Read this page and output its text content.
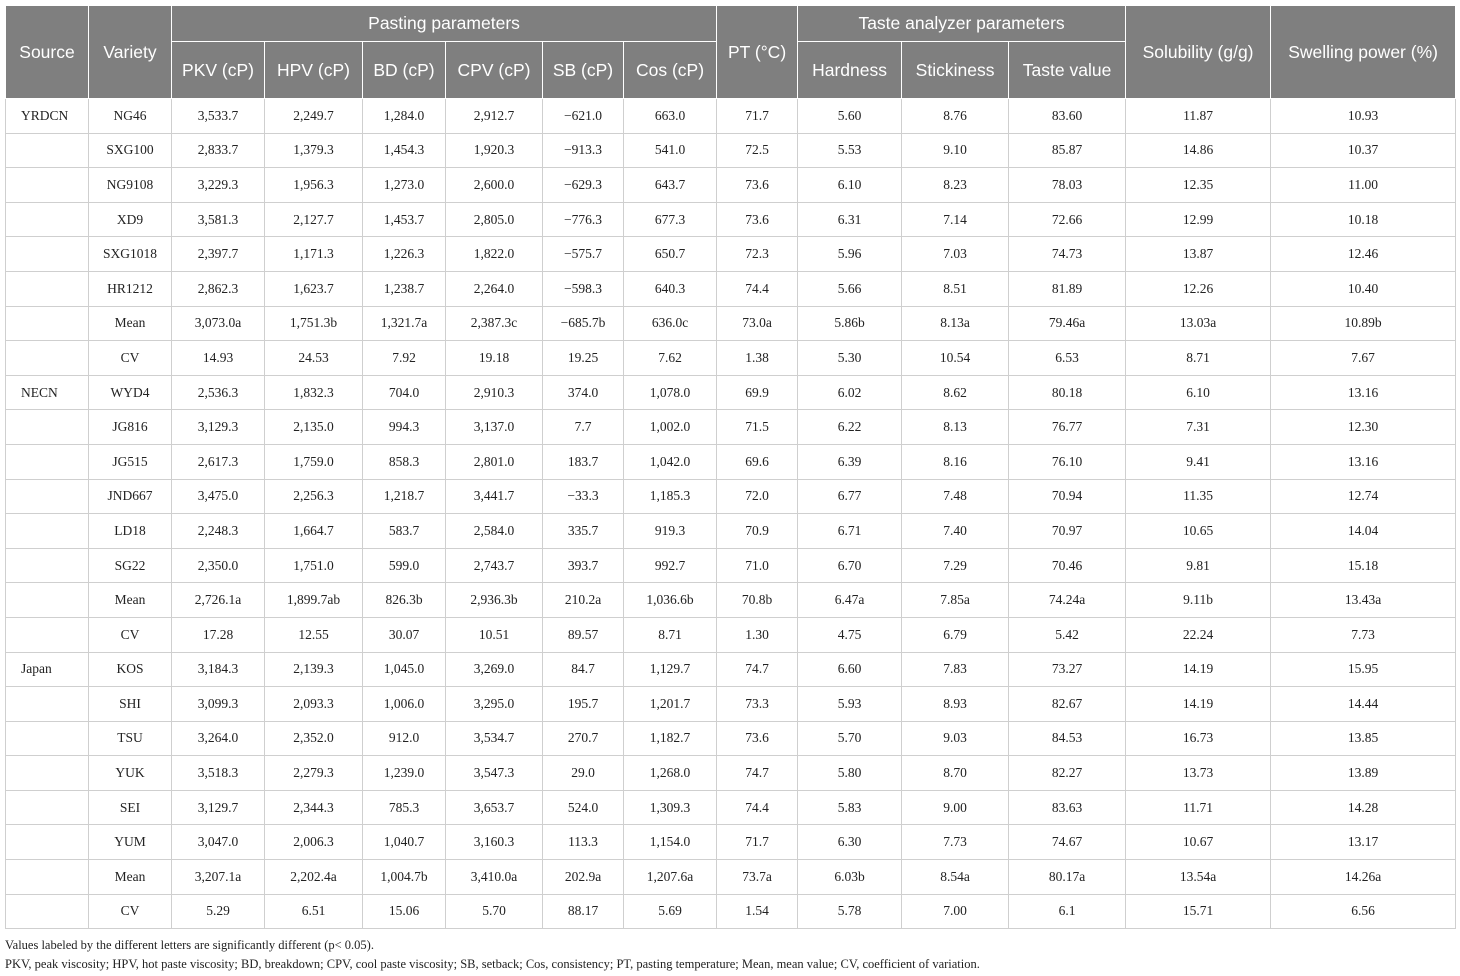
Source	Variety	Pasting parameters						PT (°C)	Taste analyzer parameters			Solubility (g/g)	Swelling power (%)
		PKV (cP)	HPV (cP)	BD (cP)	CPV (cP)	SB (cP)	Cos (cP)		Hardness	Stickiness	Taste value		
YRDCN	NG46	3,533.7	2,249.7	1,284.0	2,912.7	−621.0	663.0	71.7	5.60	8.76	83.60	11.87	10.93
	SXG100	2,833.7	1,379.3	1,454.3	1,920.3	−913.3	541.0	72.5	5.53	9.10	85.87	14.86	10.37
	NG9108	3,229.3	1,956.3	1,273.0	2,600.0	−629.3	643.7	73.6	6.10	8.23	78.03	12.35	11.00
	XD9	3,581.3	2,127.7	1,453.7	2,805.0	−776.3	677.3	73.6	6.31	7.14	72.66	12.99	10.18
	SXG1018	2,397.7	1,171.3	1,226.3	1,822.0	−575.7	650.7	72.3	5.96	7.03	74.73	13.87	12.46
	HR1212	2,862.3	1,623.7	1,238.7	2,264.0	−598.3	640.3	74.4	5.66	8.51	81.89	12.26	10.40
	Mean	3,073.0a	1,751.3b	1,321.7a	2,387.3c	−685.7b	636.0c	73.0a	5.86b	8.13a	79.46a	13.03a	10.89b
	CV	14.93	24.53	7.92	19.18	19.25	7.62	1.38	5.30	10.54	6.53	8.71	7.67
NECN	WYD4	2,536.3	1,832.3	704.0	2,910.3	374.0	1,078.0	69.9	6.02	8.62	80.18	6.10	13.16
	JG816	3,129.3	2,135.0	994.3	3,137.0	7.7	1,002.0	71.5	6.22	8.13	76.77	7.31	12.30
	JG515	2,617.3	1,759.0	858.3	2,801.0	183.7	1,042.0	69.6	6.39	8.16	76.10	9.41	13.16
	JND667	3,475.0	2,256.3	1,218.7	3,441.7	−33.3	1,185.3	72.0	6.77	7.48	70.94	11.35	12.74
	LD18	2,248.3	1,664.7	583.7	2,584.0	335.7	919.3	70.9	6.71	7.40	70.97	10.65	14.04
	SG22	2,350.0	1,751.0	599.0	2,743.7	393.7	992.7	71.0	6.70	7.29	70.46	9.81	15.18
	Mean	2,726.1a	1,899.7ab	826.3b	2,936.3b	210.2a	1,036.6b	70.8b	6.47a	7.85a	74.24a	9.11b	13.43a
	CV	17.28	12.55	30.07	10.51	89.57	8.71	1.30	4.75	6.79	5.42	22.24	7.73
Japan	KOS	3,184.3	2,139.3	1,045.0	3,269.0	84.7	1,129.7	74.7	6.60	7.83	73.27	14.19	15.95
	SHI	3,099.3	2,093.3	1,006.0	3,295.0	195.7	1,201.7	73.3	5.93	8.93	82.67	14.19	14.44
	TSU	3,264.0	2,352.0	912.0	3,534.7	270.7	1,182.7	73.6	5.70	9.03	84.53	16.73	13.85
	YUK	3,518.3	2,279.3	1,239.0	3,547.3	29.0	1,268.0	74.7	5.80	8.70	82.27	13.73	13.89
	SEI	3,129.7	2,344.3	785.3	3,653.7	524.0	1,309.3	74.4	5.83	9.00	83.63	11.71	14.28
	YUM	3,047.0	2,006.3	1,040.7	3,160.3	113.3	1,154.0	71.7	6.30	7.73	74.67	10.67	13.17
	Mean	3,207.1a	2,202.4a	1,004.7b	3,410.0a	202.9a	1,207.6a	73.7a	6.03b	8.54a	80.17a	13.54a	14.26a
	CV	5.29	6.51	15.06	5.70	88.17	5.69	1.54	5.78	7.00	6.1	15.71	6.56
Values labeled by the different letters are significantly different (p< 0.05).
PKV, peak viscosity; HPV, hot paste viscosity; BD, breakdown; CPV, cool paste viscosity; SB, setback; Cos, consistency; PT, pasting temperature; Mean, mean value; CV, coefficient of variation.
